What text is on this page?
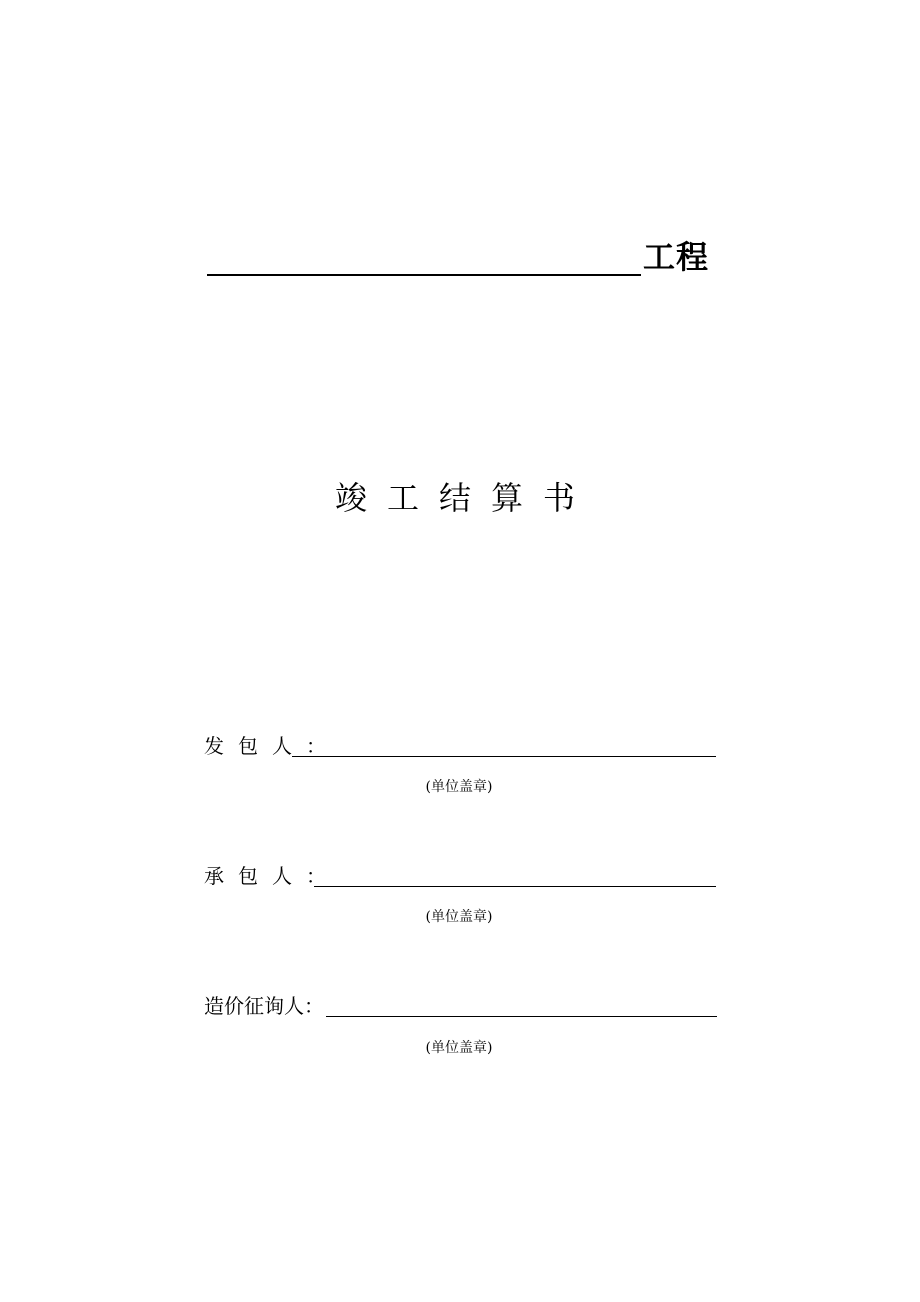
工程
竣工结算书
发包人：
(单位盖章)
承包人：
(单位盖章)
造价征询人：
(单位盖章)
